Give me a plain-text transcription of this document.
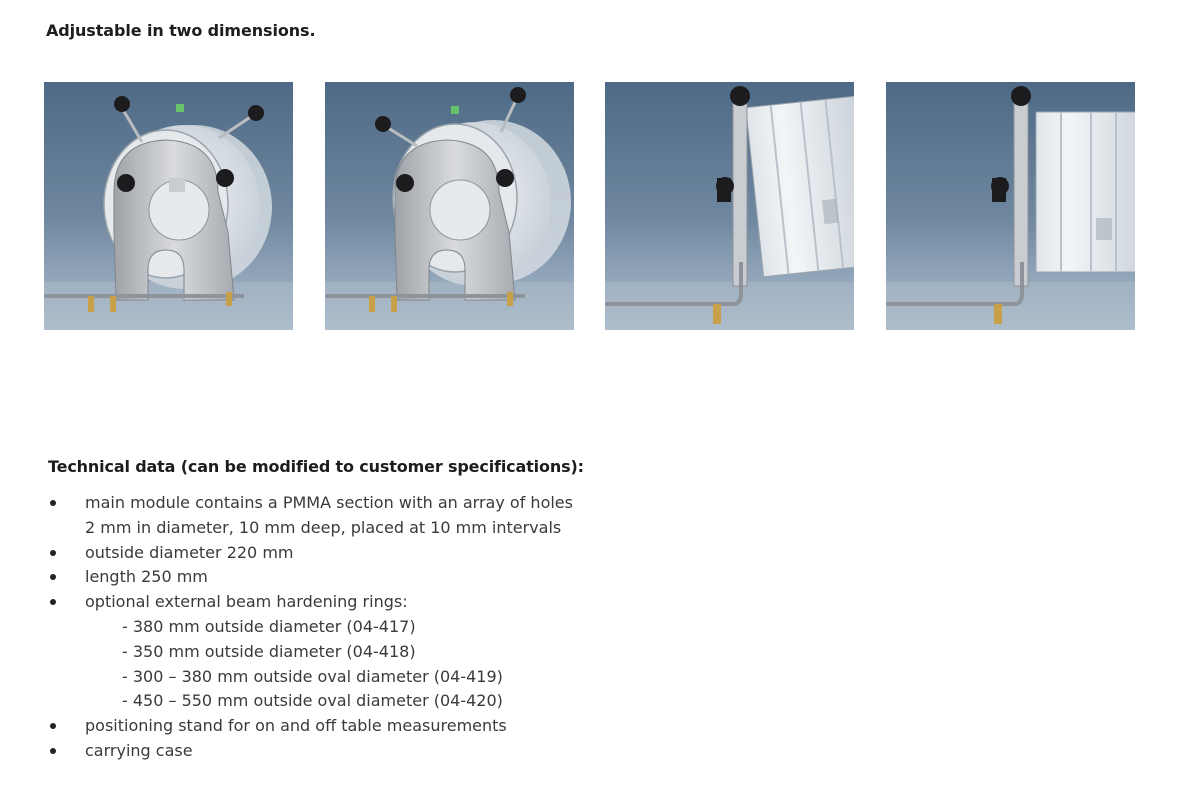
Adjustable in two dimensions.
Technical data (can be modified to customer specifications):
main module contains a PMMA section with an array of holes
2 mm in diameter, 10 mm deep, placed at 10 mm intervals
outside diameter 220 mm
length 250 mm
optional external beam hardening rings:
- 380 mm outside diameter (04-417)
- 350 mm outside diameter (04-418)
- 300 – 380 mm outside oval diameter (04-419)
- 450 – 550 mm outside oval diameter (04-420)
positioning stand for on and off table measurements
carrying case
